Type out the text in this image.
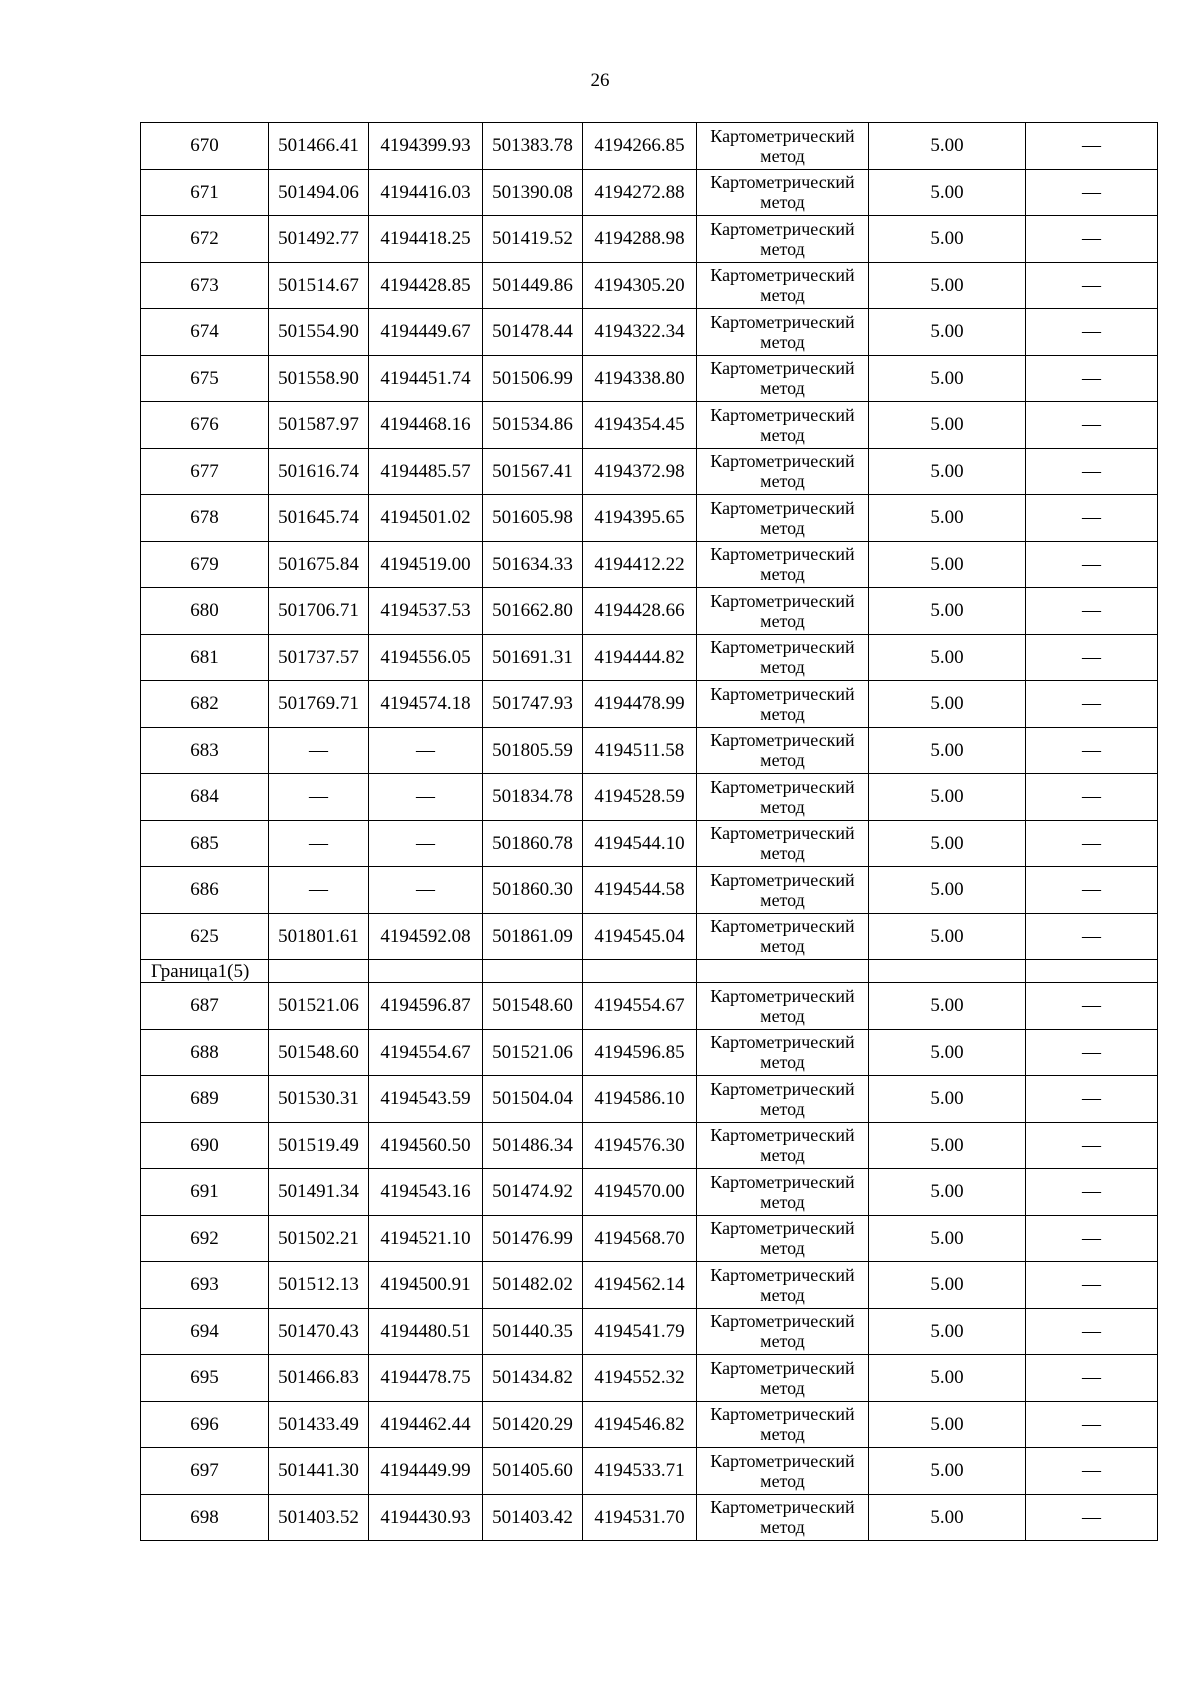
26
670	501466.41	4194399.93	501383.78	4194266.85	Картометрический
метод	5.00	—
671	501494.06	4194416.03	501390.08	4194272.88	Картометрический
метод	5.00	—
672	501492.77	4194418.25	501419.52	4194288.98	Картометрический
метод	5.00	—
673	501514.67	4194428.85	501449.86	4194305.20	Картометрический
метод	5.00	—
674	501554.90	4194449.67	501478.44	4194322.34	Картометрический
метод	5.00	—
675	501558.90	4194451.74	501506.99	4194338.80	Картометрический
метод	5.00	—
676	501587.97	4194468.16	501534.86	4194354.45	Картометрический
метод	5.00	—
677	501616.74	4194485.57	501567.41	4194372.98	Картометрический
метод	5.00	—
678	501645.74	4194501.02	501605.98	4194395.65	Картометрический
метод	5.00	—
679	501675.84	4194519.00	501634.33	4194412.22	Картометрический
метод	5.00	—
680	501706.71	4194537.53	501662.80	4194428.66	Картометрический
метод	5.00	—
681	501737.57	4194556.05	501691.31	4194444.82	Картометрический
метод	5.00	—
682	501769.71	4194574.18	501747.93	4194478.99	Картометрический
метод	5.00	—
683	—	—	501805.59	4194511.58	Картометрический
метод	5.00	—
684	—	—	501834.78	4194528.59	Картометрический
метод	5.00	—
685	—	—	501860.78	4194544.10	Картометрический
метод	5.00	—
686	—	—	501860.30	4194544.58	Картометрический
метод	5.00	—
625	501801.61	4194592.08	501861.09	4194545.04	Картометрический
метод	5.00	—
Граница1(5)							
687	501521.06	4194596.87	501548.60	4194554.67	Картометрический
метод	5.00	—
688	501548.60	4194554.67	501521.06	4194596.85	Картометрический
метод	5.00	—
689	501530.31	4194543.59	501504.04	4194586.10	Картометрический
метод	5.00	—
690	501519.49	4194560.50	501486.34	4194576.30	Картометрический
метод	5.00	—
691	501491.34	4194543.16	501474.92	4194570.00	Картометрический
метод	5.00	—
692	501502.21	4194521.10	501476.99	4194568.70	Картометрический
метод	5.00	—
693	501512.13	4194500.91	501482.02	4194562.14	Картометрический
метод	5.00	—
694	501470.43	4194480.51	501440.35	4194541.79	Картометрический
метод	5.00	—
695	501466.83	4194478.75	501434.82	4194552.32	Картометрический
метод	5.00	—
696	501433.49	4194462.44	501420.29	4194546.82	Картометрический
метод	5.00	—
697	501441.30	4194449.99	501405.60	4194533.71	Картометрический
метод	5.00	—
698	501403.52	4194430.93	501403.42	4194531.70	Картометрический
метод	5.00	—
